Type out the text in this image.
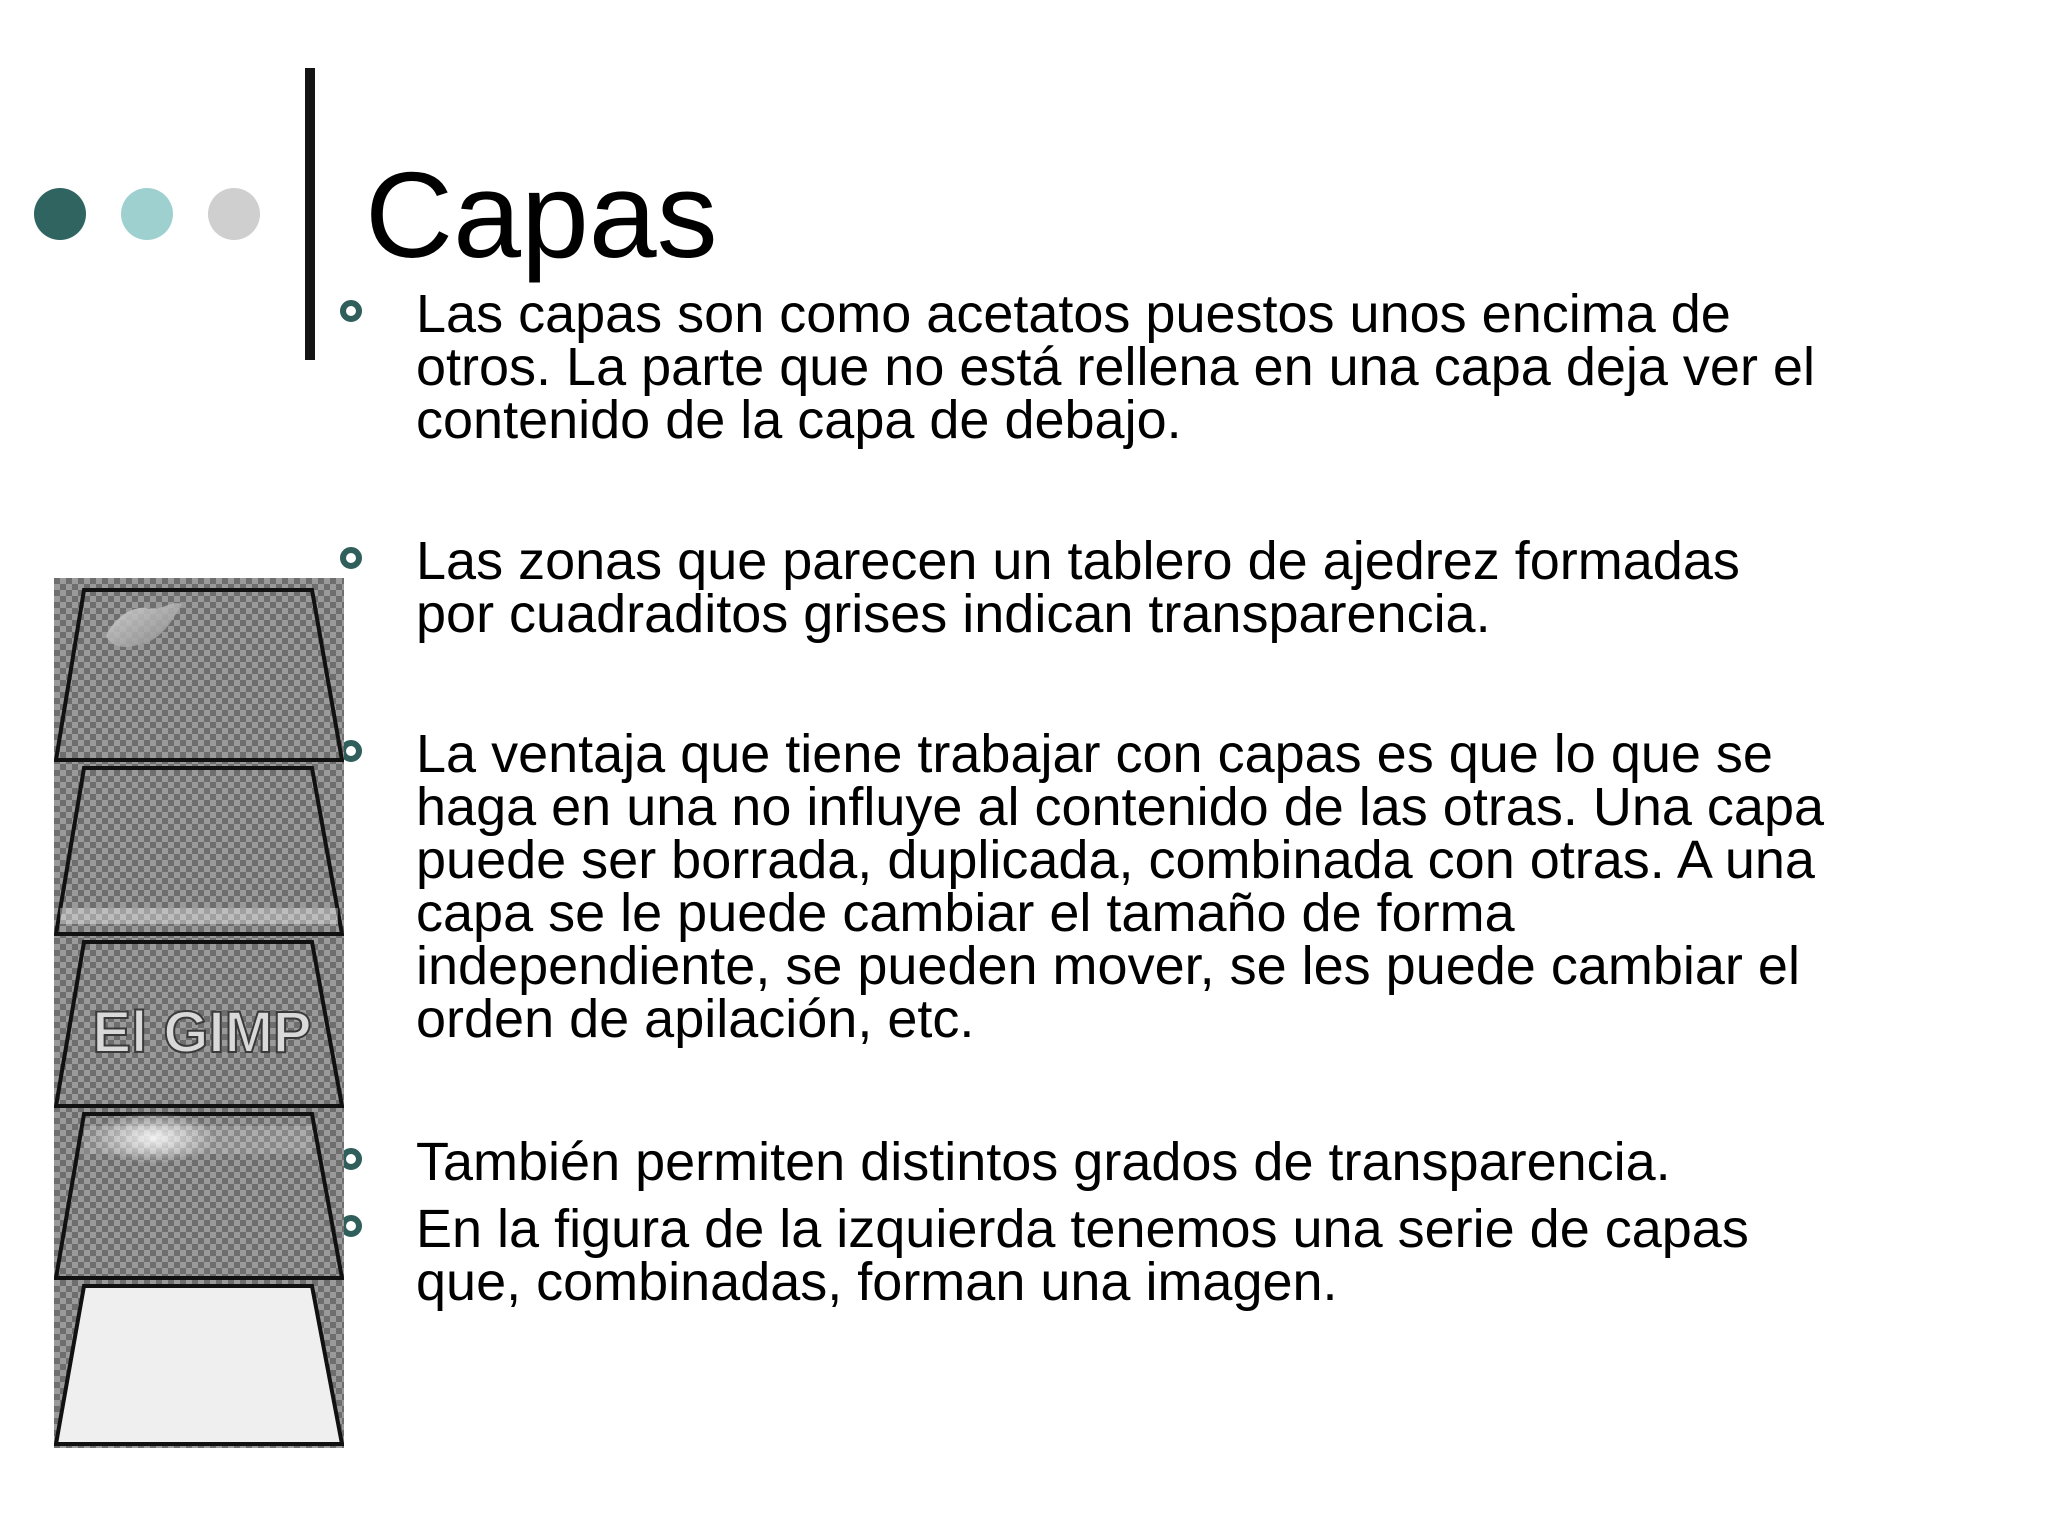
Capas
Las capas son como acetatos puestos unos encima de
otros. La parte que no está rellena en una capa deja ver el
contenido de la capa de debajo.
Las zonas que parecen un tablero de ajedrez formadas
por cuadraditos grises indican transparencia.
La ventaja que tiene trabajar con capas es que lo que se
haga en una no influye al contenido de las otras. Una capa
puede ser borrada, duplicada, combinada con otras. A una
capa se le puede cambiar el tamaño de forma
independiente, se pueden mover, se les puede cambiar el
orden de apilación, etc.
También permiten distintos grados de transparencia.
En la figura de la izquierda tenemos una serie de capas
que, combinadas, forman una imagen.
El GIMP
